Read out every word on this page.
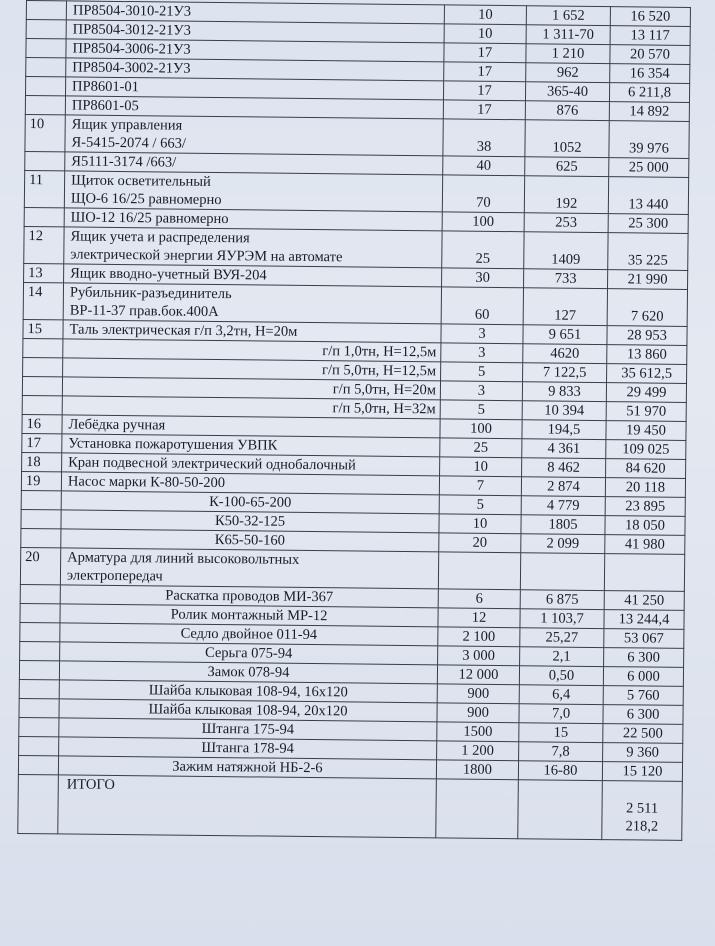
	ПР8504-3010-21У3	10	1 652	16 520

	ПР8504-3012-21У3	10	1 311-70	13 117

	ПР8504-3006-21У3	17	1 210	20 570

	ПР8504-3002-21У3	17	962	16 354

	ПР8601-01	17	365-40	6 211,8

	ПР8601-05	17	876	14 892
10	Ящик управления
Я-5415-2074 / 663/	38	1052	39 976

	Я5111-3174 /663/	40	625	25 000
11	Щиток осветительный
ЩО-6 16/25 равномерно	70	192	13 440

	ШО-12 16/25 равномерно	100	253	25 300
12	Ящик учета и распределения
электрической энергии ЯУРЭМ на автомате	25	1409	35 225
13	Ящик вводно-учетный ВУЯ-204	30	733	21 990
14	Рубильник-разъединитель
ВР-11-37 прав.бок.400А	60	127	7 620
15	Таль электрическая г/п 3,2тн, Н=20м	3	9 651	28 953

	г/п 1,0тн, Н=12,5м	3	4620	13 860

	г/п 5,0тн, Н=12,5м	5	7 122,5	35 612,5

	г/п 5,0тн, Н=20м	3	9 833	29 499

	г/п 5,0тн, Н=32м	5	10 394	51 970
16	Лебёдка ручная	100	194,5	19 450
17	Установка пожаротушения УВПК	25	4 361	109 025
18	Кран подвесной электрический однобалочный	10	8 462	84 620
19	Насос марки К-80-50-200	7	2 874	20 118

	К-100-65-200	5	4 779	23 895

	К50-32-125	10	1805	18 050

	К65-50-160	20	2 099	41 980
20	Арматура для линий высоковольтных
электропередач			

	Раскатка проводов МИ-367	6	6 875	41 250

	Ролик монтажный МР-12	12	1 103,7	13 244,4

	Седло двойное 011-94	2 100	25,27	53 067

	Серьга 075-94	3 000	2,1	6 300

	Замок 078-94	12 000	0,50	6 000

	Шайба клыковая 108-94, 16х120	900	6,4	5 760

	Шайба клыковая 108-94, 20х120	900	7,0	6 300

	Штанга 175-94	1500	15	22 500

	Штанга 178-94	1 200	7,8	9 360

	Зажим натяжной НБ-2-6	1800	16-80	15 120
	ИТОГО			2 511
218,2
